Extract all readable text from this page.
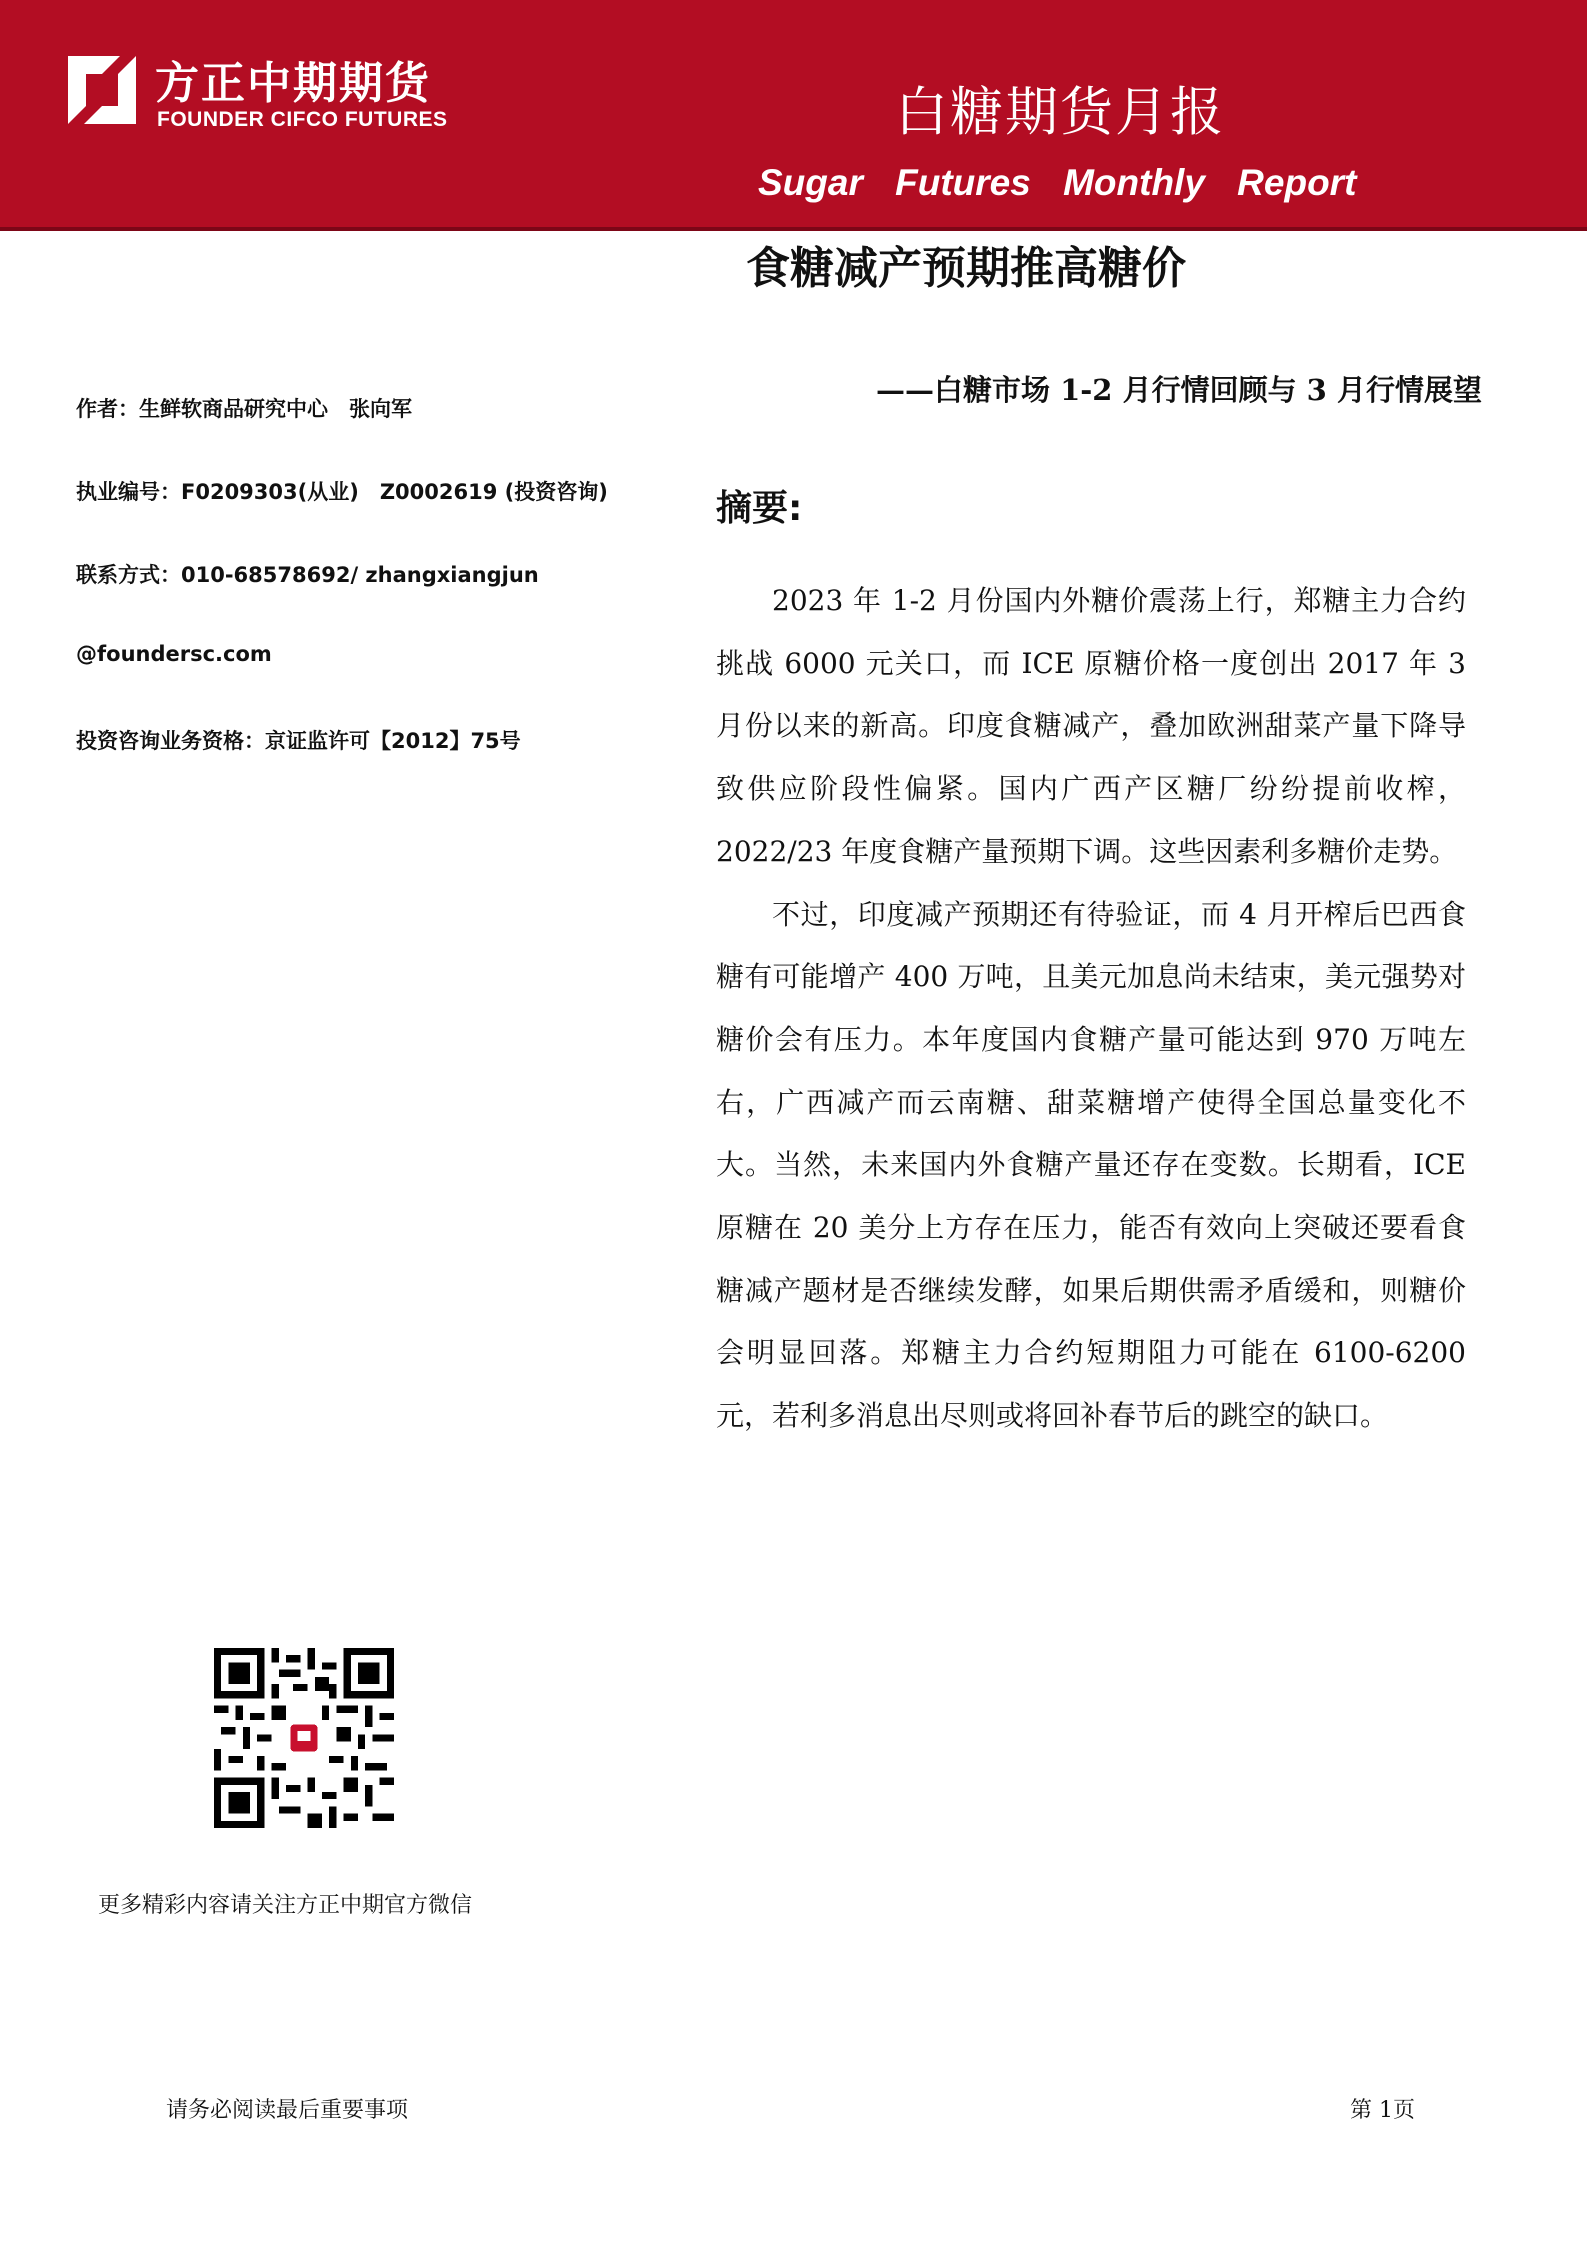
方正中期期货
FOUNDER CIFCO FUTURES	白糖期货月报
Sugar Futures Monthly Report
食糖减产预期推高糖价
——白糖市场 1-2 月行情回顾与 3 月行情展望
作者：生鲜软商品研究中心　张向军
执业编号：F0209303(从业)　Z0002619 (投资咨询)
联系方式：010-68578692/ zhangxiangjun
@foundersc.com
投资咨询业务资格：京证监许可【2012】75号
摘要:

2023 年 1-2 月份国内外糖价震荡上行，郑糖主力合约挑战 6000 元关口，而 ICE 原糖价格一度创出 2017 年 3 月份以来的新高。印度食糖减产，叠加欧洲甜菜产量下降导致供应阶段性偏紧。国内广西产区糖厂纷纷提前收榨，2022/23 年度食糖产量预期下调。这些因素利多糖价走势。

不过，印度减产预期还有待验证，而 4 月开榨后巴西食糖有可能增产 400 万吨，且美元加息尚未结束，美元强势对糖价会有压力。本年度国内食糖产量可能达到 970 万吨左右，广西减产而云南糖、甜菜糖增产使得全国总量变化不大。当然，未来国内外食糖产量还存在变数。长期看，ICE 原糖在 20 美分上方存在压力，能否有效向上突破还要看食糖减产题材是否继续发酵，如果后期供需矛盾缓和，则糖价会明显回落。郑糖主力合约短期阻力可能在 6100-6200 元，若利多消息出尽则或将回补春节后的跳空的缺口。

更多精彩内容请关注方正中期官方微信
请务必阅读最后重要事项	第 1页
